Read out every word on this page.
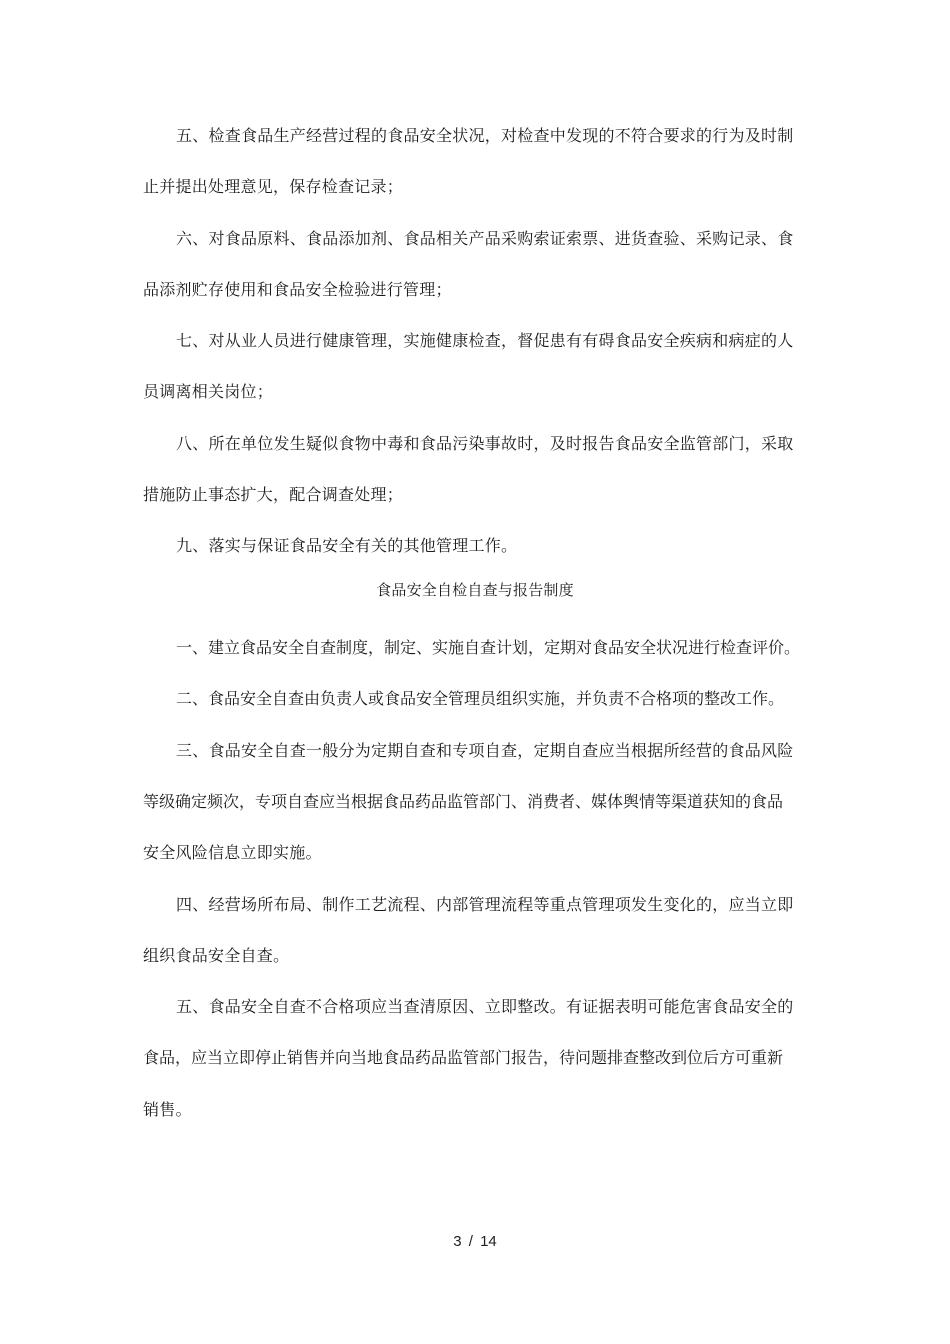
五、检查食品生产经营过程的食品安全状况，对检查中发现的不符合要求的行为及时制
止并提出处理意见，保存检查记录；
六、对食品原料、食品添加剂、食品相关产品采购索证索票、进货查验、采购记录、食
品添剂贮存使用和食品安全检验进行管理；
七、对从业人员进行健康管理，实施健康检查，督促患有有碍食品安全疾病和病症的人
员调离相关岗位；
八、所在单位发生疑似食物中毒和食品污染事故时，及时报告食品安全监管部门，采取
措施防止事态扩大，配合调查处理；
九、落实与保证食品安全有关的其他管理工作。
食品安全自检自查与报告制度
一、建立食品安全自查制度，制定、实施自查计划，定期对食品安全状况进行检查评价。
二、食品安全自查由负责人或食品安全管理员组织实施，并负责不合格项的整改工作。
三、食品安全自查一般分为定期自查和专项自查，定期自查应当根据所经营的食品风险
等级确定频次，专项自查应当根据食品药品监管部门、消费者、媒体舆情等渠道获知的食品
安全风险信息立即实施。
四、经营场所布局、制作工艺流程、内部管理流程等重点管理项发生变化的，应当立即
组织食品安全自查。
五、食品安全自查不合格项应当查清原因、立即整改。有证据表明可能危害食品安全的
食品，应当立即停止销售并向当地食品药品监管部门报告，待问题排查整改到位后方可重新
销售。
3 / 14
